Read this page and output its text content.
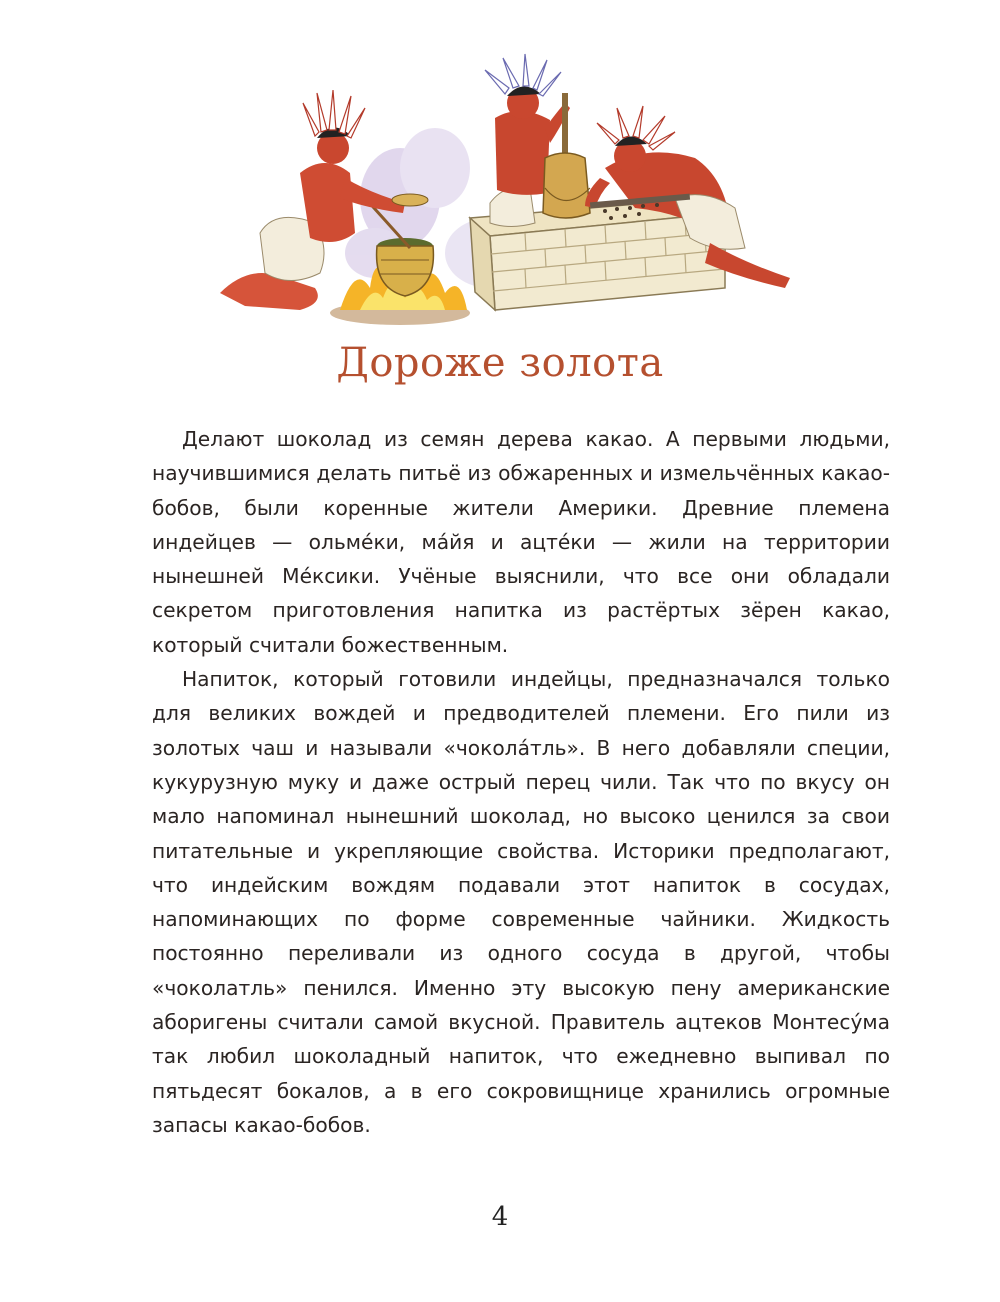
Дороже золота

Делают шоколад из семян дерева какао. А первыми людьми, научившимися делать питьё из обжаренных и измельчённых какао-бобов, были коренные жители Америки. Древние племена индейцев — ольме́ки, ма́йя и ацте́ки — жили на территории нынешней Ме́ксики. Учёные выяснили, что все они обладали секретом приготовления напитка из растёртых зёрен какао, который считали божественным.

Напиток, который готовили индейцы, предназначался только для великих вождей и предводителей племени. Его пили из золотых чаш и называли «чокола́тль». В него добавляли специи, кукурузную муку и даже острый перец чили. Так что по вкусу он мало напоминал нынешний шоколад, но высоко ценился за свои питательные и укрепляющие свойства. Историки предполагают, что индейским вождям подавали этот напиток в сосудах, напоминающих по форме современные чайники. Жидкость постоянно переливали из одного сосуда в другой, чтобы «чоколатль» пенился. Именно эту высокую пену американские аборигены считали самой вкусной. Правитель ацтеков Монтесу́ма так любил шоколадный напиток, что ежедневно выпивал по пятьдесят бокалов, а в его сокровищнице хранились огромные запасы какао-бобов.

4
